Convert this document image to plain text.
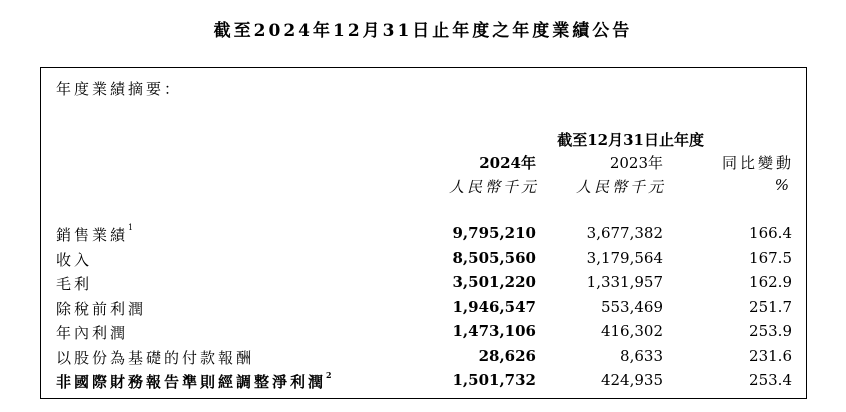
截至2024年12月31日止年度之年度業績公告
年度業績摘要：
截至12月31日止年度
2024年	2023年	同比變動
人民幣千元 人民幣千元	%
銷售業績$^1$	9,795,210	3,677,382	166.4
收入	8,505,560	3,179,564	167.5
毛利	3,501,220	1,331,957	162.9
除稅前利潤	1,946,547	553,469	251.7
年內利潤	1,473,106	416,302	253.9
以股份為基礎的付款報酬	28,626	8,633	231.6
非國際財務報告準則經調整淨利潤$^2$	1,501,732	424,935	253.4
